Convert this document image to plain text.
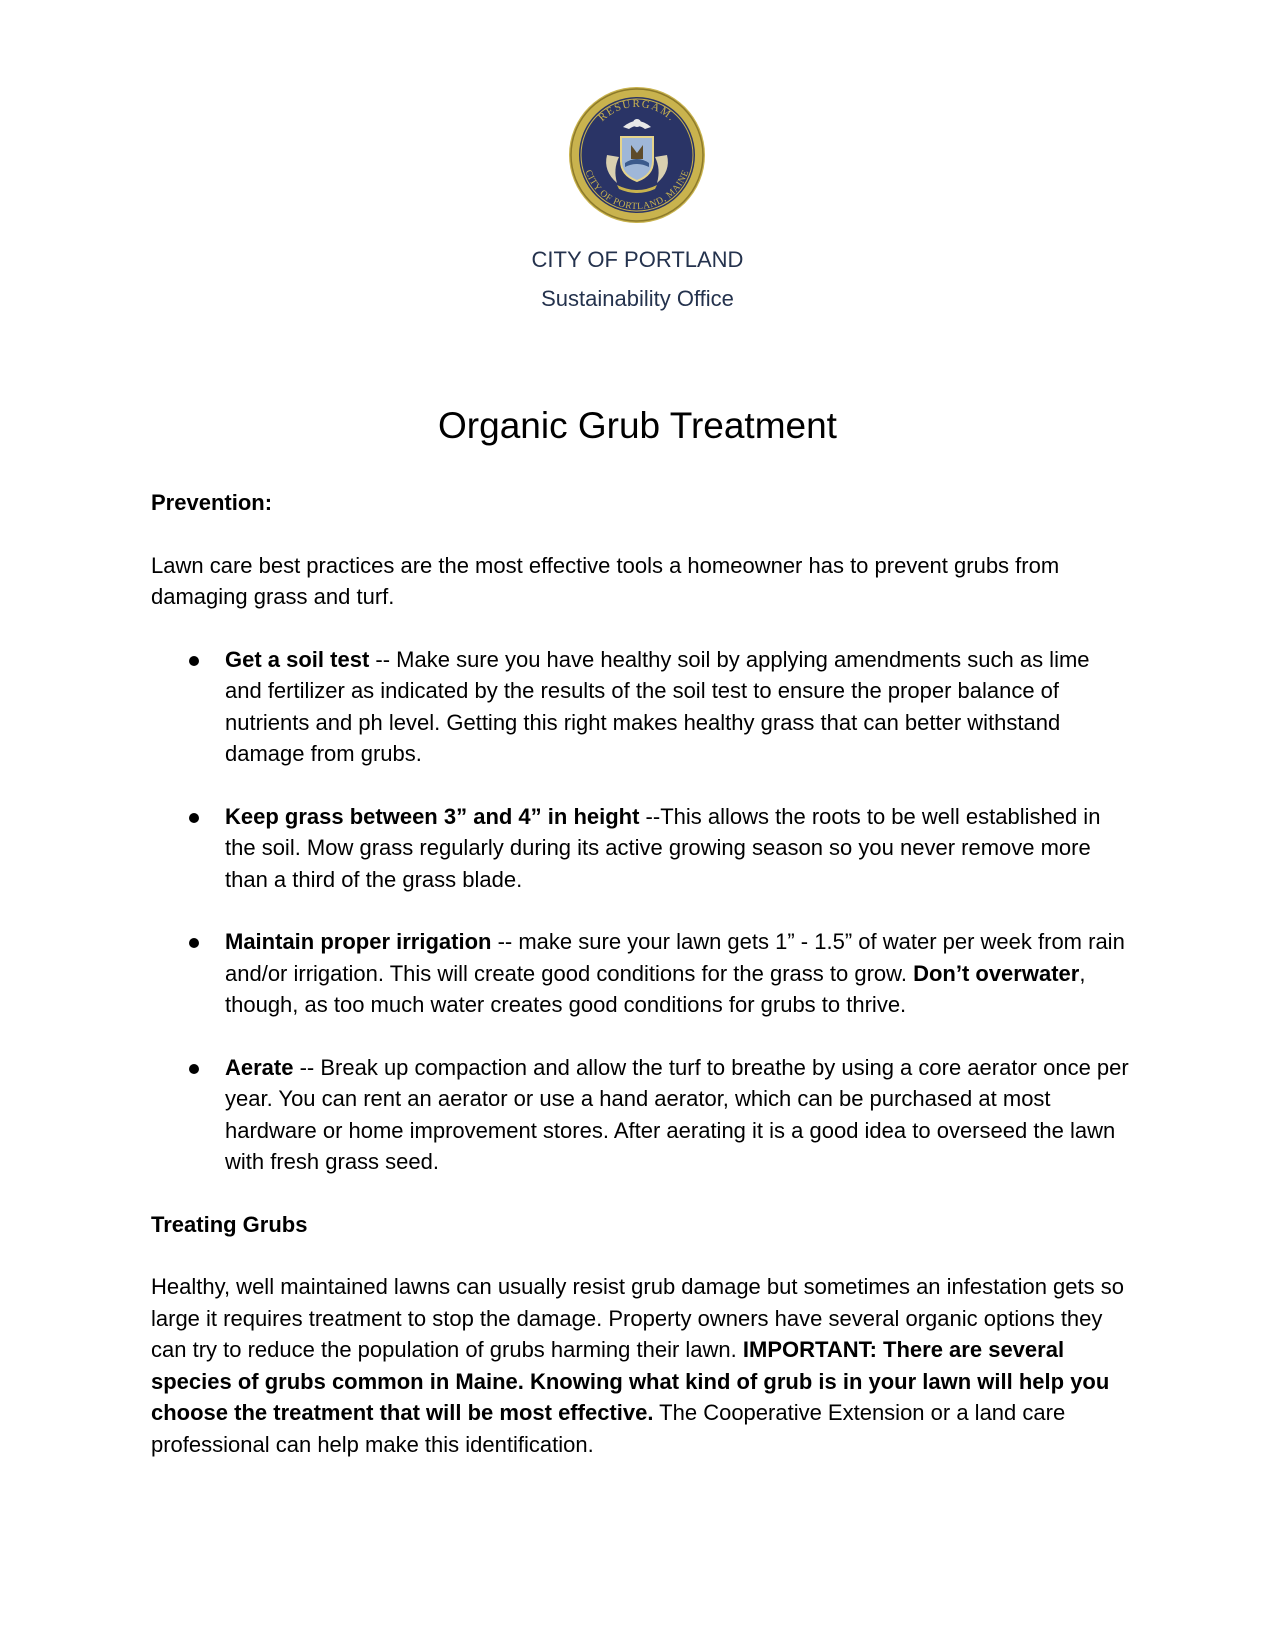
RESURGAM.
CITY OF PORTLAND, MAINE
CITY OF PORTLAND
Sustainability Office
Organic Grub Treatment

Prevention:

Lawn care best practices are the most effective tools a homeowner has to prevent grubs from damaging grass and turf.

Get a soil test -- Make sure you have healthy soil by applying amendments such as lime and fertilizer as indicated by the results of the soil test to ensure the proper balance of nutrients and ph level. Getting this right makes healthy grass that can better withstand damage from grubs.
Keep grass between 3” and 4” in height --This allows the roots to be well established in the soil. Mow grass regularly during its active growing season so you never remove more than a third of the grass blade.
Maintain proper irrigation -- make sure your lawn gets 1” - 1.5” of water per week from rain and/or irrigation. This will create good conditions for the grass to grow. Don’t overwater, though, as too much water creates good conditions for grubs to thrive.
Aerate -- Break up compaction and allow the turf to breathe by using a core aerator once per year. You can rent an aerator or use a hand aerator, which can be purchased at most hardware or home improvement stores. After aerating it is a good idea to overseed the lawn with fresh grass seed.

Treating Grubs

Healthy, well maintained lawns can usually resist grub damage but sometimes an infestation gets so large it requires treatment to stop the damage. Property owners have several organic options they can try to reduce the population of grubs harming their lawn. IMPORTANT: There are several species of grubs common in Maine. Knowing what kind of grub is in your lawn will help you choose the treatment that will be most effective. The Cooperative Extension or a land care professional can help make this identification.
